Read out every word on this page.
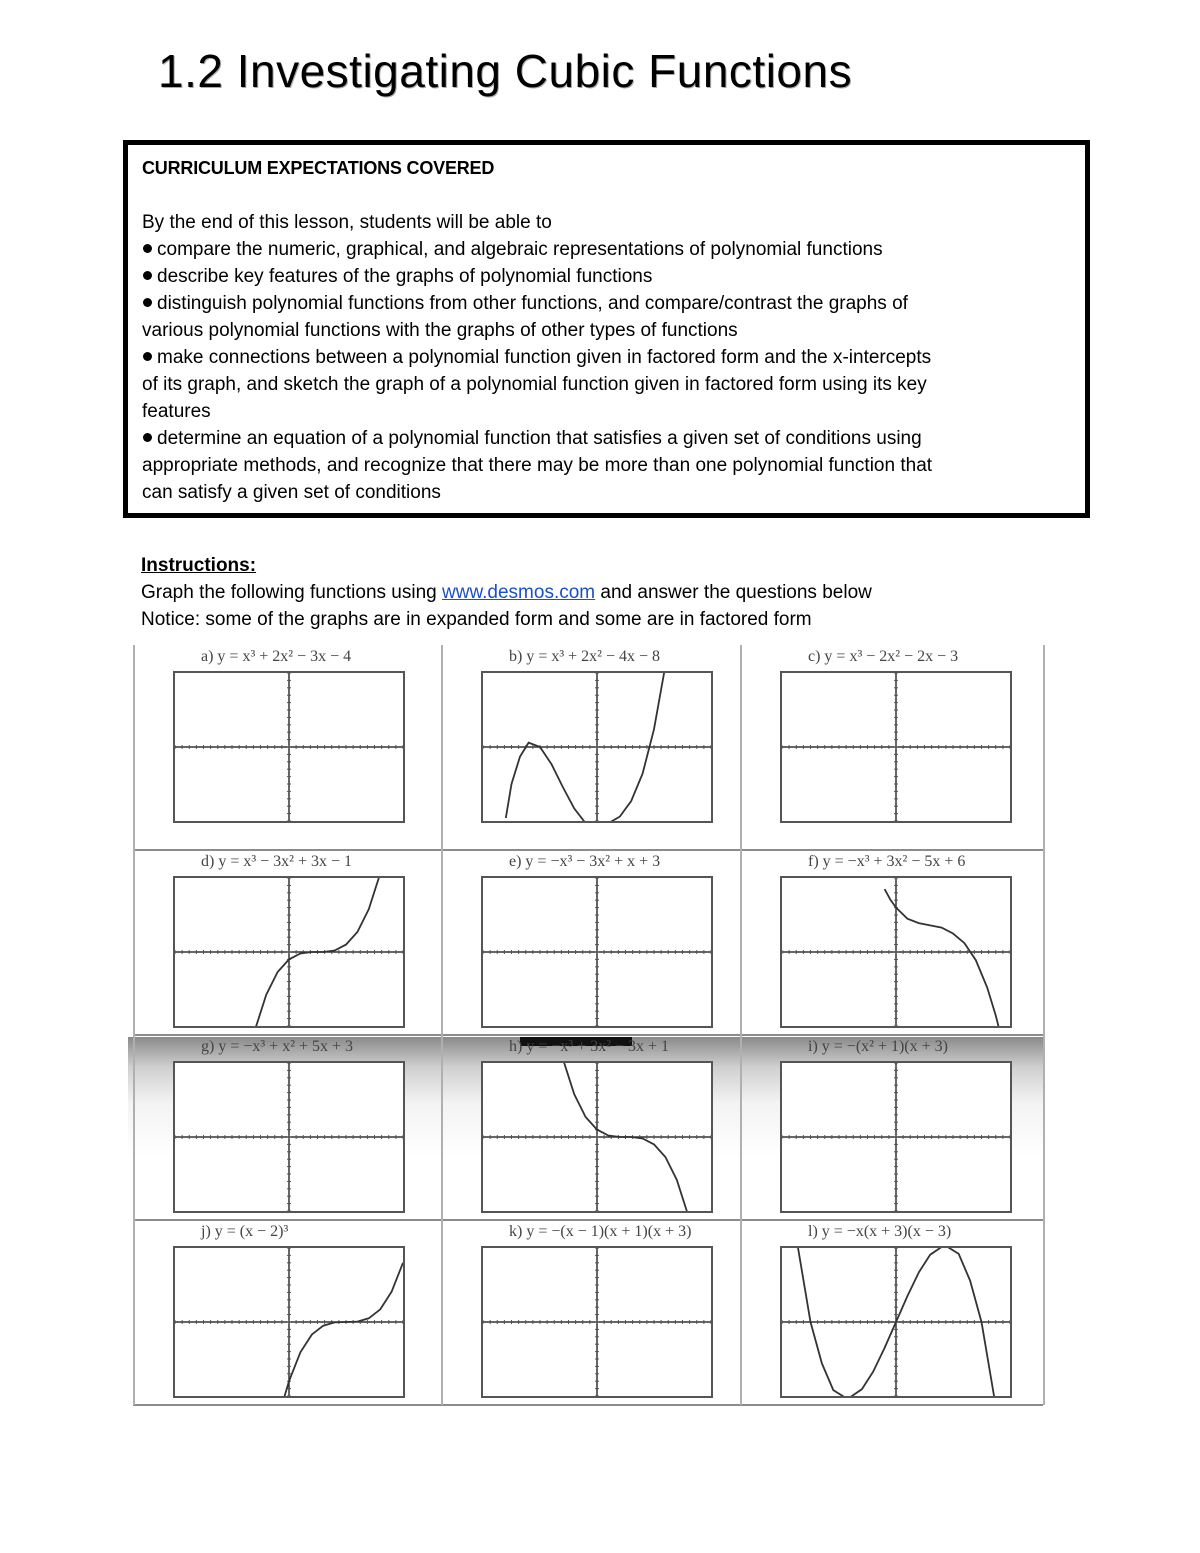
1.2 Investigating Cubic Functions
CURRICULUM EXPECTATIONS COVERED
By the end of this lesson, students will be able to
compare the numeric, graphical, and algebraic representations of polynomial functions
describe key features of the graphs of polynomial functions
distinguish polynomial functions from other functions, and compare/contrast the graphs of
various polynomial functions with the graphs of other types of functions
make connections between a polynomial function given in factored form and the x-intercepts
of its graph, and sketch the graph of a polynomial function given in factored form using its key
features
determine an equation of a polynomial function that satisfies a given set of conditions using
appropriate methods, and recognize that there may be more than one polynomial function that
can satisfy a given set of conditions
Instructions:
Graph the following functions using www.desmos.com and answer the questions below
Notice: some of the graphs are in expanded form and some are in factored form
a) y = x³ + 2x² − 3x − 4	b) y = x³ + 2x² − 4x − 8	c) y = x³ − 2x² − 2x − 3
d) y = x³ − 3x² + 3x − 1	e) y = −x³ − 3x² + x + 3	f) y = −x³ + 3x² − 5x + 6
g) y = −x³ + x² + 5x + 3	h) y = −x³ + 3x² − 3x + 1	i) y = −(x² + 1)(x + 3)
j) y = (x − 2)³	k) y = −(x − 1)(x + 1)(x + 3)	l) y = −x(x + 3)(x − 3)
